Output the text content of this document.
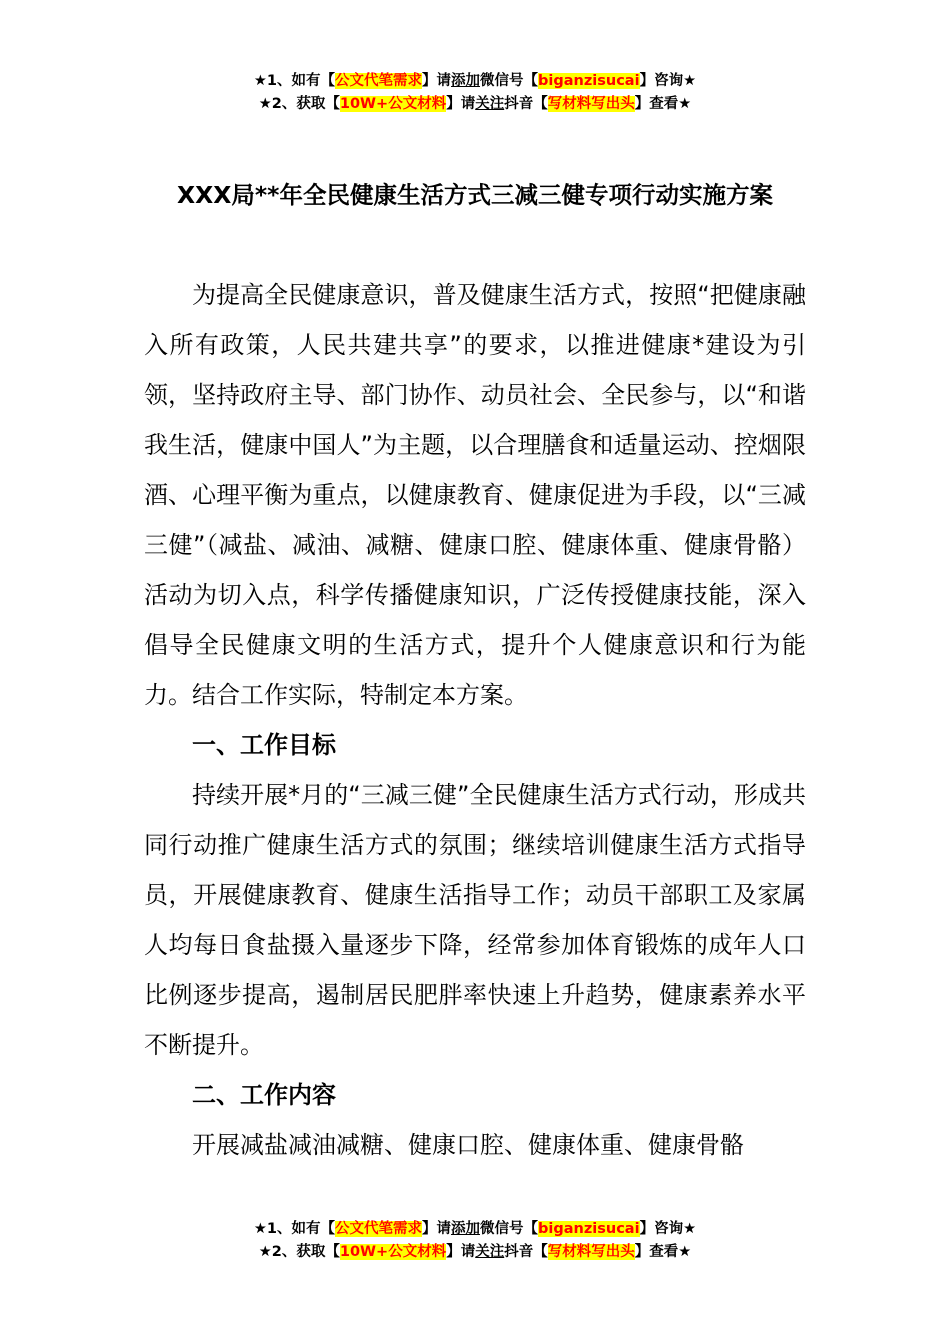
★1、如有【公文代笔需求】请添加微信号【biganzisucai】咨询★
★2、获取【10W+公文材料】请关注抖音【写材料写出头】查看★
XXX局**年全民健康生活方式三减三健专项行动实施方案

为提高全民健康意识，普及健康生活方式，按照“把健康融入所有政策，人民共建共享”的要求，以推进健康*建设为引领，坚持政府主导、部门协作、动员社会、全民参与，以“和谐我生活，健康中国人”为主题，以合理膳食和适量运动、控烟限酒、心理平衡为重点，以健康教育、健康促进为手段，以“三减三健”（减盐、减油、减糖、健康口腔、健康体重、健康骨骼）活动为切入点，科学传播健康知识，广泛传授健康技能，深入倡导全民健康文明的生活方式，提升个人健康意识和行为能力。结合工作实际，特制定本方案。

一、工作目标

持续开展*月的“三减三健”全民健康生活方式行动，形成共同行动推广健康生活方式的氛围；继续培训健康生活方式指导员，开展健康教育、健康生活指导工作；动员干部职工及家属人均每日食盐摄入量逐步下降，经常参加体育锻炼的成年人口比例逐步提高，遏制居民肥胖率快速上升趋势，健康素养水平不断提升。

二、工作内容

开展减盐减油减糖、健康口腔、健康体重、健康骨骼

★1、如有【公文代笔需求】请添加微信号【biganzisucai】咨询★
★2、获取【10W+公文材料】请关注抖音【写材料写出头】查看★
